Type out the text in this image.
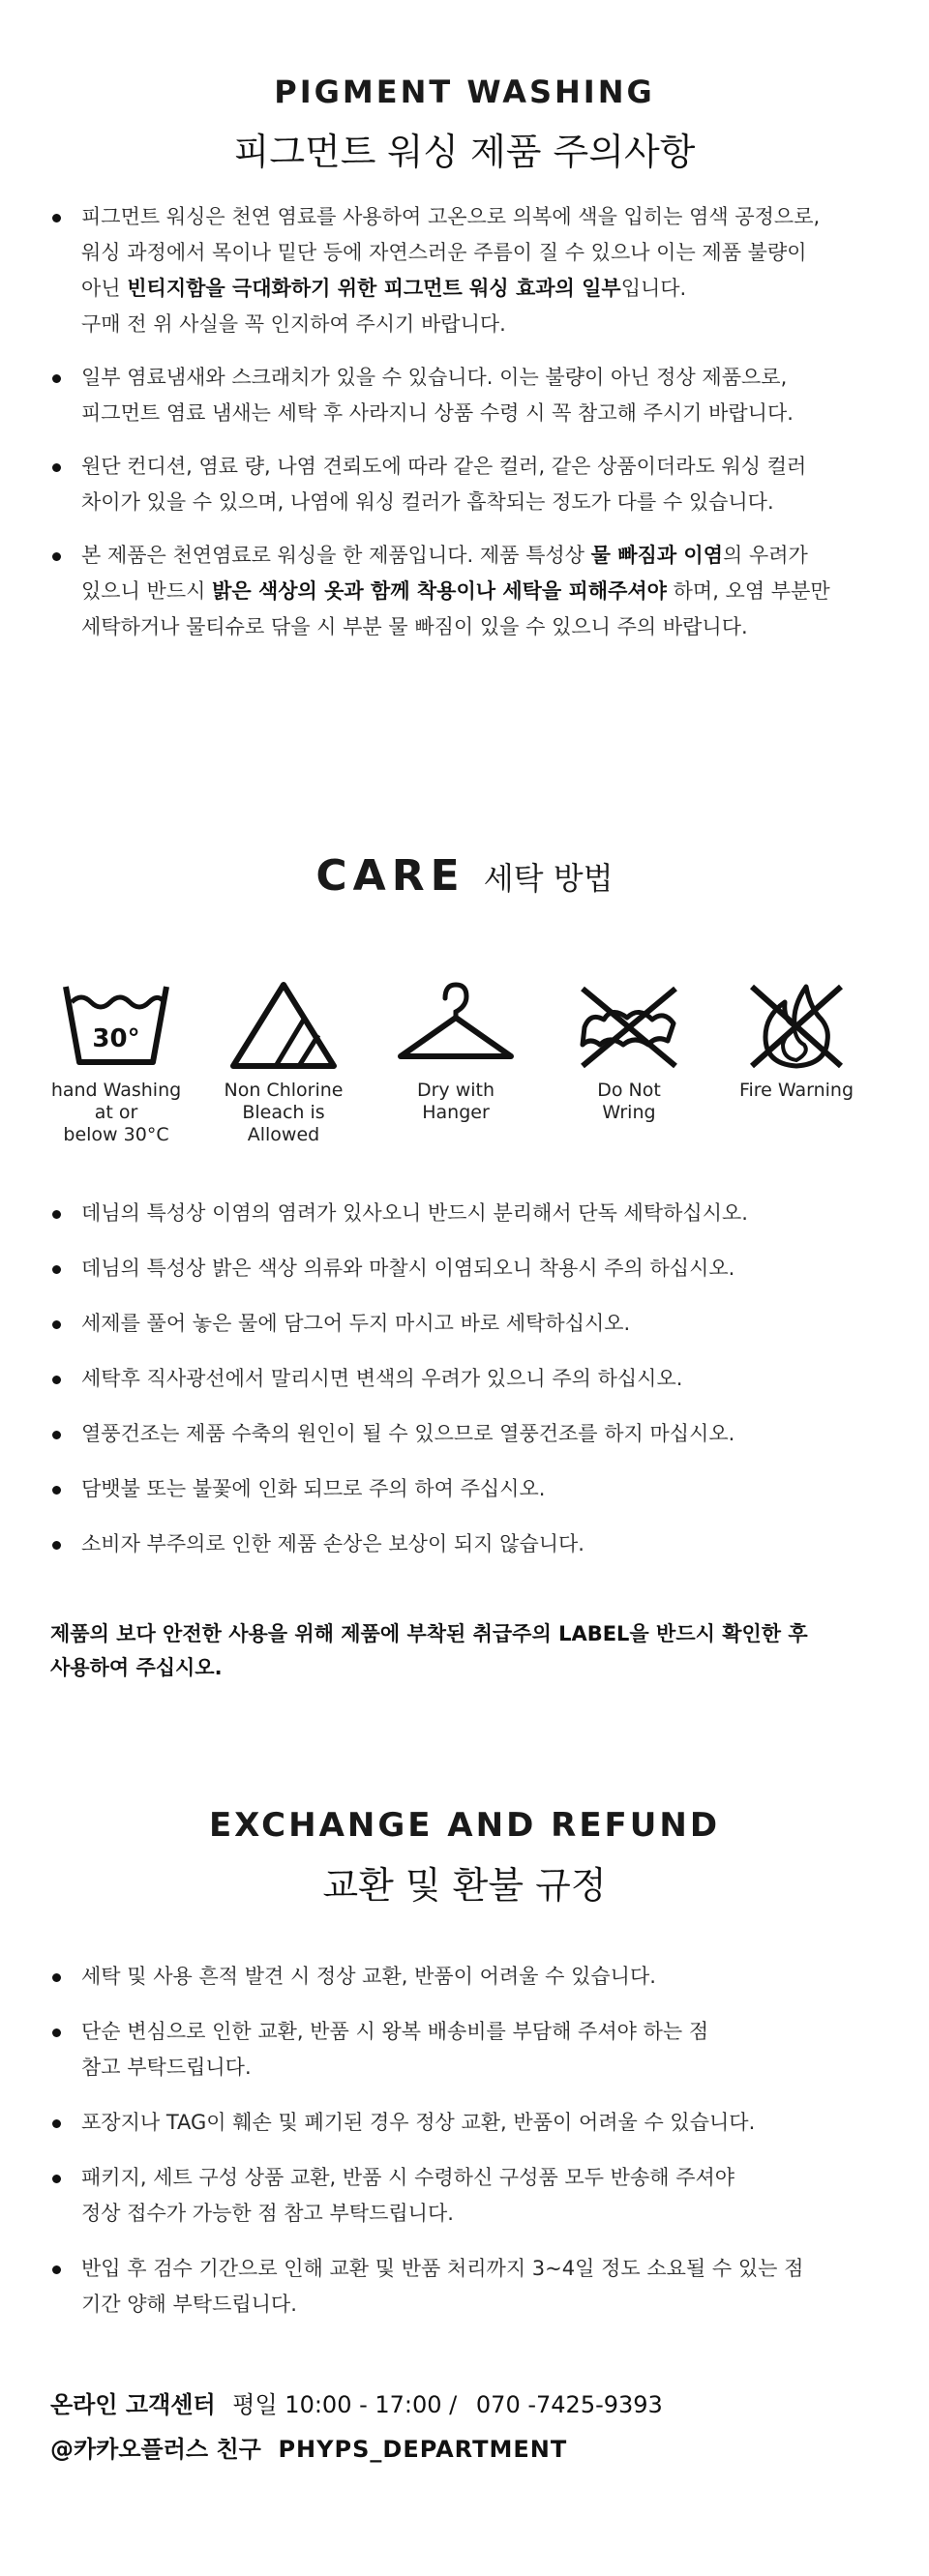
PIGMENT WASHING
피그먼트 워싱 제품 주의사항
피그먼트 워싱은 천연 염료를 사용하여 고온으로 의복에 색을 입히는 염색 공정으로,
워싱 과정에서 목이나 밑단 등에 자연스러운 주름이 질 수 있으나 이는 제품 불량이
아닌 빈티지함을 극대화하기 위한 피그먼트 워싱 효과의 일부입니다.
구매 전 위 사실을 꼭 인지하여 주시기 바랍니다.
일부 염료냄새와 스크래치가 있을 수 있습니다. 이는 불량이 아닌 정상 제품으로,
피그먼트 염료 냄새는 세탁 후 사라지니 상품 수령 시 꼭 참고해 주시기 바랍니다.
원단 컨디션, 염료 량, 나염 견뢰도에 따라 같은 컬러, 같은 상품이더라도 워싱 컬러
차이가 있을 수 있으며, 나염에 워싱 컬러가 흡착되는 정도가 다를 수 있습니다.
본 제품은 천연염료로 워싱을 한 제품입니다. 제품 특성상 물 빠짐과 이염의 우려가
있으니 반드시 밝은 색상의 옷과 함께 착용이나 세탁을 피해주셔야 하며, 오염 부분만
세탁하거나 물티슈로 닦을 시 부분 물 빠짐이 있을 수 있으니 주의 바랍니다.
CARE 세탁 방법
30°
hand Washing
at or
below 30°C
Non Chlorine
Bleach is
Allowed
Dry with
Hanger
Do Not
Wring
Fire Warning
데님의 특성상 이염의 염려가 있사오니 반드시 분리해서 단독 세탁하십시오.
데님의 특성상 밝은 색상 의류와 마찰시 이염되오니 착용시 주의 하십시오.
세제를 풀어 놓은 물에 담그어 두지 마시고 바로 세탁하십시오.
세탁후 직사광선에서 말리시면 변색의 우려가 있으니 주의 하십시오.
열풍건조는 제품 수축의 원인이 될 수 있으므로 열풍건조를 하지 마십시오.
담뱃불 또는 불꽃에 인화 되므로 주의 하여 주십시오.
소비자 부주의로 인한 제품 손상은 보상이 되지 않습니다.
제품의 보다 안전한 사용을 위해 제품에 부착된 취급주의 LABEL을 반드시 확인한 후
사용하여 주십시오.
EXCHANGE AND REFUND
교환 및 환불 규정
세탁 및 사용 흔적 발견 시 정상 교환, 반품이 어려울 수 있습니다.
단순 변심으로 인한 교환, 반품 시 왕복 배송비를 부담해 주셔야 하는 점
참고 부탁드립니다.
포장지나 TAG이 훼손 및 폐기된 경우 정상 교환, 반품이 어려울 수 있습니다.
패키지, 세트 구성 상품 교환, 반품 시 수령하신 구성품 모두 반송해 주셔야
정상 접수가 가능한 점 참고 부탁드립니다.
반입 후 검수 기간으로 인해 교환 및 반품 처리까지 3~4일 정도 소요될 수 있는 점
기간 양해 부탁드립니다.
온라인 고객센터 평일 10:00 - 17:00 / 070 -7425-9393
@카카오플러스 친구 PHYPS_DEPARTMENT
